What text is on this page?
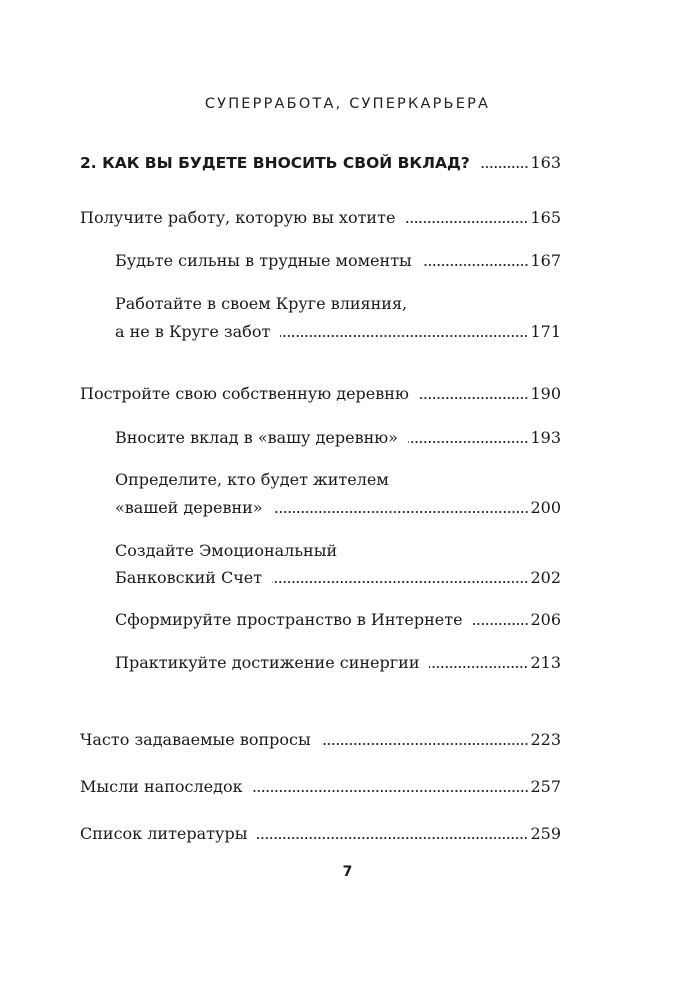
СУПЕРРАБОТА, СУПЕРКАРЬЕРА
2. КАК ВЫ БУДЕТЕ ВНОСИТЬ СВОЙ ВКЛАД?	163
Получите работу, которую вы хотите	165
Будьте сильны в трудные моменты	167
Работайте в своем Круге влияния,
а не в Круге забот	171
Постройте свою собственную деревню	190
Вносите вклад в «вашу деревню»	193
Определите, кто будет жителем
«вашей деревни»	200
Создайте Эмоциональный
Банковский Счет	202
Сформируйте пространство в Интернете	206
Практикуйте достижение синергии	213
Часто задаваемые вопросы	223
Мысли напоследок	257
Список литературы	259
7
